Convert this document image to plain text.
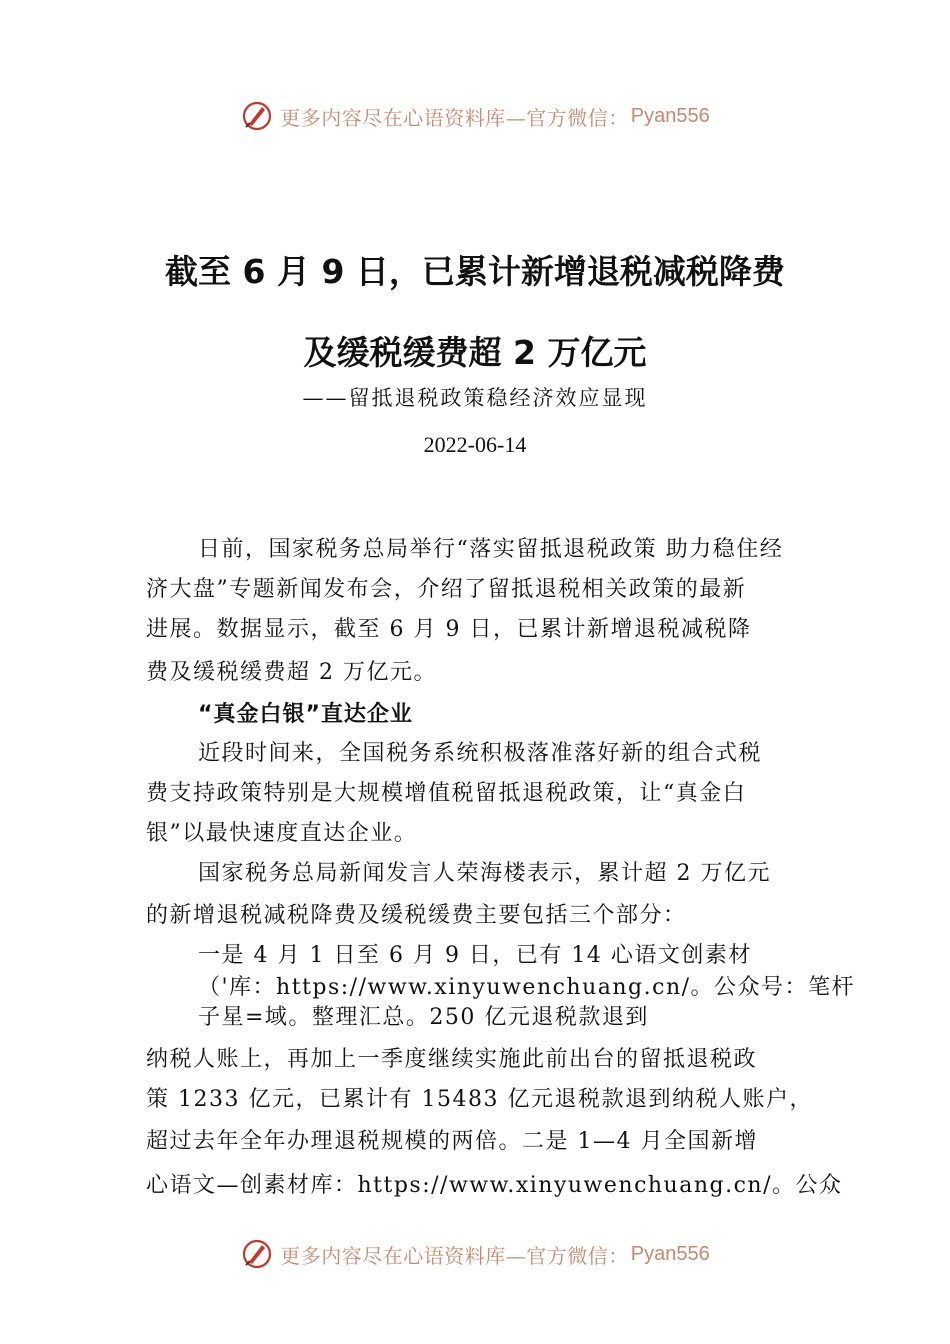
更多内容尽在心语资料库—官方微信： Pyan556
截至 6 月 9 日，已累计新增退税减税降费
及缓税缓费超 2 万亿元
——留抵退税政策稳经济效应显现
2022-06-14
日前，国家税务总局举行“落实留抵退税政策 助力稳住经
济大盘”专题新闻发布会，介绍了留抵退税相关政策的最新
进展。数据显示，截至 6 月 9 日，已累计新增退税减税降
费及缓税缓费超 2 万亿元。
“真金白银”直达企业
近段时间来，全国税务系统积极落准落好新的组合式税
费支持政策特别是大规模增值税留抵退税政策，让“真金白
银”以最快速度直达企业。
国家税务总局新闻发言人荣海楼表示，累计超 2 万亿元
的新增退税减税降费及缓税缓费主要包括三个部分：
一是 4 月 1 日至 6 月 9 日，已有 14 心语文创素材
（'库：https://www.xinyuwenchuang.cn/。公众号：笔杆
子星=域。整理汇总。250 亿元退税款退到
纳税人账上，再加上一季度继续实施此前出台的留抵退税政
策 1233 亿元，已累计有 15483 亿元退税款退到纳税人账户，
超过去年全年办理退税规模的两倍。二是 1—4 月全国新增
心语文—创素材库：https://www.xinyuwenchuang.cn/。公众
更多内容尽在心语资料库—官方微信： Pyan556
